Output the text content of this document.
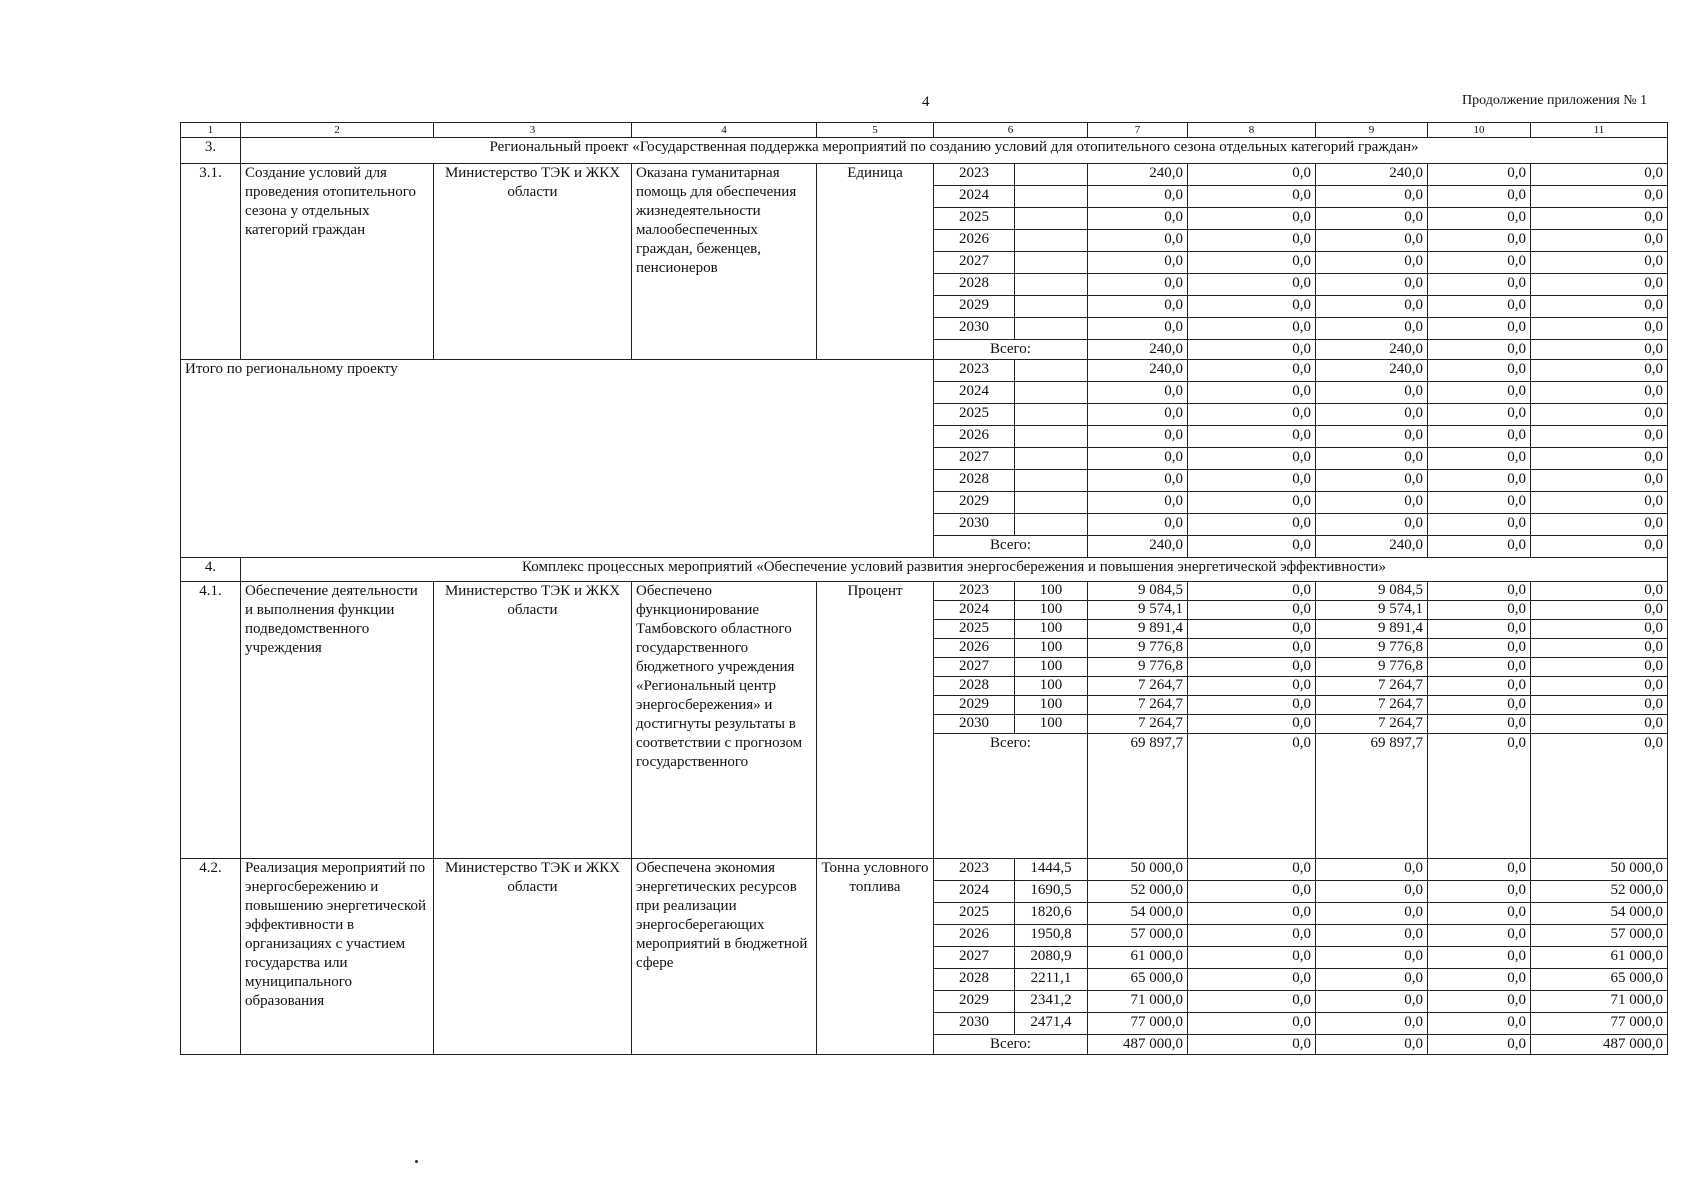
4	Продолжение приложения № 1
1	2	3	4	5	6		7	8	9	10	11
3.	Региональный проект «Государственная поддержка мероприятий по созданию условий для отопительного сезона отдельных категорий граждан»										
3.1.	Создание условий для проведения отопительного сезона у отдельных категорий граждан	Министерство ТЭК и ЖКХ области	Оказана гуманитарная помощь для обеспечения жизнедеятельности малообеспеченных граждан, беженцев, пенсионеров	Единица	2023		240,0	0,0	240,0	0,0	0,0
					2024		0,0	0,0	0,0	0,0	0,0
					2025		0,0	0,0	0,0	0,0	0,0
					2026		0,0	0,0	0,0	0,0	0,0
					2027		0,0	0,0	0,0	0,0	0,0
					2028		0,0	0,0	0,0	0,0	0,0
					2029		0,0	0,0	0,0	0,0	0,0
					2030		0,0	0,0	0,0	0,0	0,0
					Всего:		240,0	0,0	240,0	0,0	0,0
Итого по региональному проекту					2023		240,0	0,0	240,0	0,0	0,0
					2024		0,0	0,0	0,0	0,0	0,0
					2025		0,0	0,0	0,0	0,0	0,0
					2026		0,0	0,0	0,0	0,0	0,0
					2027		0,0	0,0	0,0	0,0	0,0
					2028		0,0	0,0	0,0	0,0	0,0
					2029		0,0	0,0	0,0	0,0	0,0
					2030		0,0	0,0	0,0	0,0	0,0
					Всего:		240,0	0,0	240,0	0,0	0,0
4.	Комплекс процессных мероприятий «Обеспечение условий развития энергосбережения и повышения энергетической эффективности»										
4.1.	Обеспечение деятельности и выполнения функции подведомственного учреждения	Министерство ТЭК и ЖКХ области	Обеспечено функционирование Тамбовского областного государственного бюджетного учреждения «Региональный центр энергосбережения» и достигнуты результаты в соответствии с прогнозом государственного	Процент	2023	100	9 084,5	0,0	9 084,5	0,0	0,0
					2024	100	9 574,1	0,0	9 574,1	0,0	0,0
					2025	100	9 891,4	0,0	9 891,4	0,0	0,0
					2026	100	9 776,8	0,0	9 776,8	0,0	0,0
					2027	100	9 776,8	0,0	9 776,8	0,0	0,0
					2028	100	7 264,7	0,0	7 264,7	0,0	0,0
					2029	100	7 264,7	0,0	7 264,7	0,0	0,0
					2030	100	7 264,7	0,0	7 264,7	0,0	0,0
					Всего:		69 897,7	0,0	69 897,7	0,0	0,0
4.2.	Реализация мероприятий по энергосбережению и повышению энергетической эффективности в организациях с участием государства или муниципального образования	Министерство ТЭК и ЖКХ области	Обеспечена экономия энергетических ресурсов при реализации энергосберегающих мероприятий в бюджетной сфере	Тонна условного топлива	2023	1444,5	50 000,0	0,0	0,0	0,0	50 000,0
					2024	1690,5	52 000,0	0,0	0,0	0,0	52 000,0
					2025	1820,6	54 000,0	0,0	0,0	0,0	54 000,0
					2026	1950,8	57 000,0	0,0	0,0	0,0	57 000,0
					2027	2080,9	61 000,0	0,0	0,0	0,0	61 000,0
					2028	2211,1	65 000,0	0,0	0,0	0,0	65 000,0
					2029	2341,2	71 000,0	0,0	0,0	0,0	71 000,0
					2030	2471,4	77 000,0	0,0	0,0	0,0	77 000,0
					Всего:		487 000,0	0,0	0,0	0,0	487 000,0
